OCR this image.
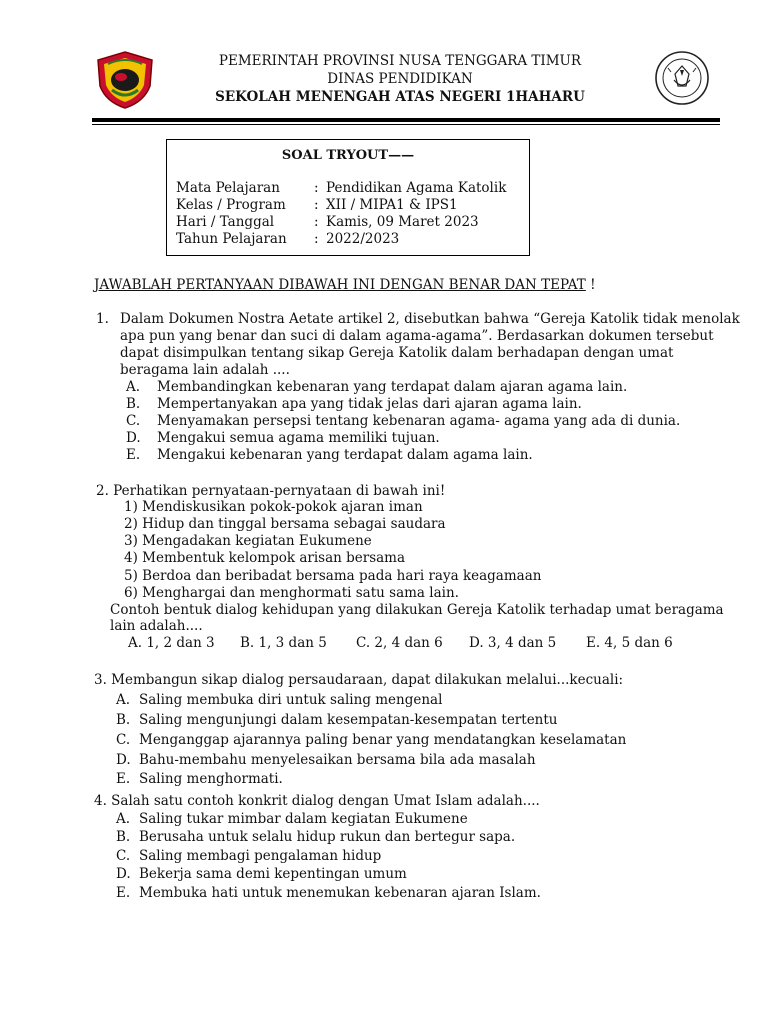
PEMERINTAH PROVINSI NUSA TENGGARA TIMUR
DINAS PENDIDIKAN
SEKOLAH MENENGAH ATAS NEGERI 1HAHARU
SOAL TRYOUT——
Mata Pelajaran	: Pendidikan Agama Katolik
Kelas / Program : XII / MIPA1 & IPS1
Hari / Tanggal	: Kamis, 09 Maret 2023
Tahun Pelajaran : 2022/2023
JAWABLAH PERTANYAAN DIBAWAH INI DENGAN BENAR DAN TEPAT !
1. Dalam Dokumen Nostra Aetate artikel 2, disebutkan bahwa “Gereja Katolik tidak menolak
apa pun yang benar dan suci di dalam agama-agama”. Berdasarkan dokumen tersebut
dapat disimpulkan tentang sikap Gereja Katolik dalam berhadapan dengan umat
beragama lain adalah ....
A. Membandingkan kebenaran yang terdapat dalam ajaran agama lain.
B. Mempertanyakan apa yang tidak jelas dari ajaran agama lain.
C. Menyamakan persepsi tentang kebenaran agama- agama yang ada di dunia.
D. Mengakui semua agama memiliki tujuan.
E. Mengakui kebenaran yang terdapat dalam agama lain.
2. Perhatikan pernyataan-pernyataan di bawah ini!
1) Mendiskusikan pokok-pokok ajaran iman
2) Hidup dan tinggal bersama sebagai saudara
3) Mengadakan kegiatan Eukumene
4) Membentuk kelompok arisan bersama
5) Berdoa dan beribadat bersama pada hari raya keagamaan
6) Menghargai dan menghormati satu sama lain.
Contoh bentuk dialog kehidupan yang dilakukan Gereja Katolik terhadap umat beragama
lain adalah....
A. 1, 2 dan 3 B. 1, 3 dan 5 C. 2, 4 dan 6 D. 3, 4 dan 5 E. 4, 5 dan 6
3. Membangun sikap dialog persaudaraan, dapat dilakukan melalui...kecuali:
A. Saling membuka diri untuk saling mengenal
B. Saling mengunjungi dalam kesempatan-kesempatan tertentu
C. Menganggap ajarannya paling benar yang mendatangkan keselamatan
D. Bahu-membahu menyelesaikan bersama bila ada masalah
E. Saling menghormati.
4. Salah satu contoh konkrit dialog dengan Umat Islam adalah....
A. Saling tukar mimbar dalam kegiatan Eukumene
B. Berusaha untuk selalu hidup rukun dan bertegur sapa.
C. Saling membagi pengalaman hidup
D. Bekerja sama demi kepentingan umum
E. Membuka hati untuk menemukan kebenaran ajaran Islam.
